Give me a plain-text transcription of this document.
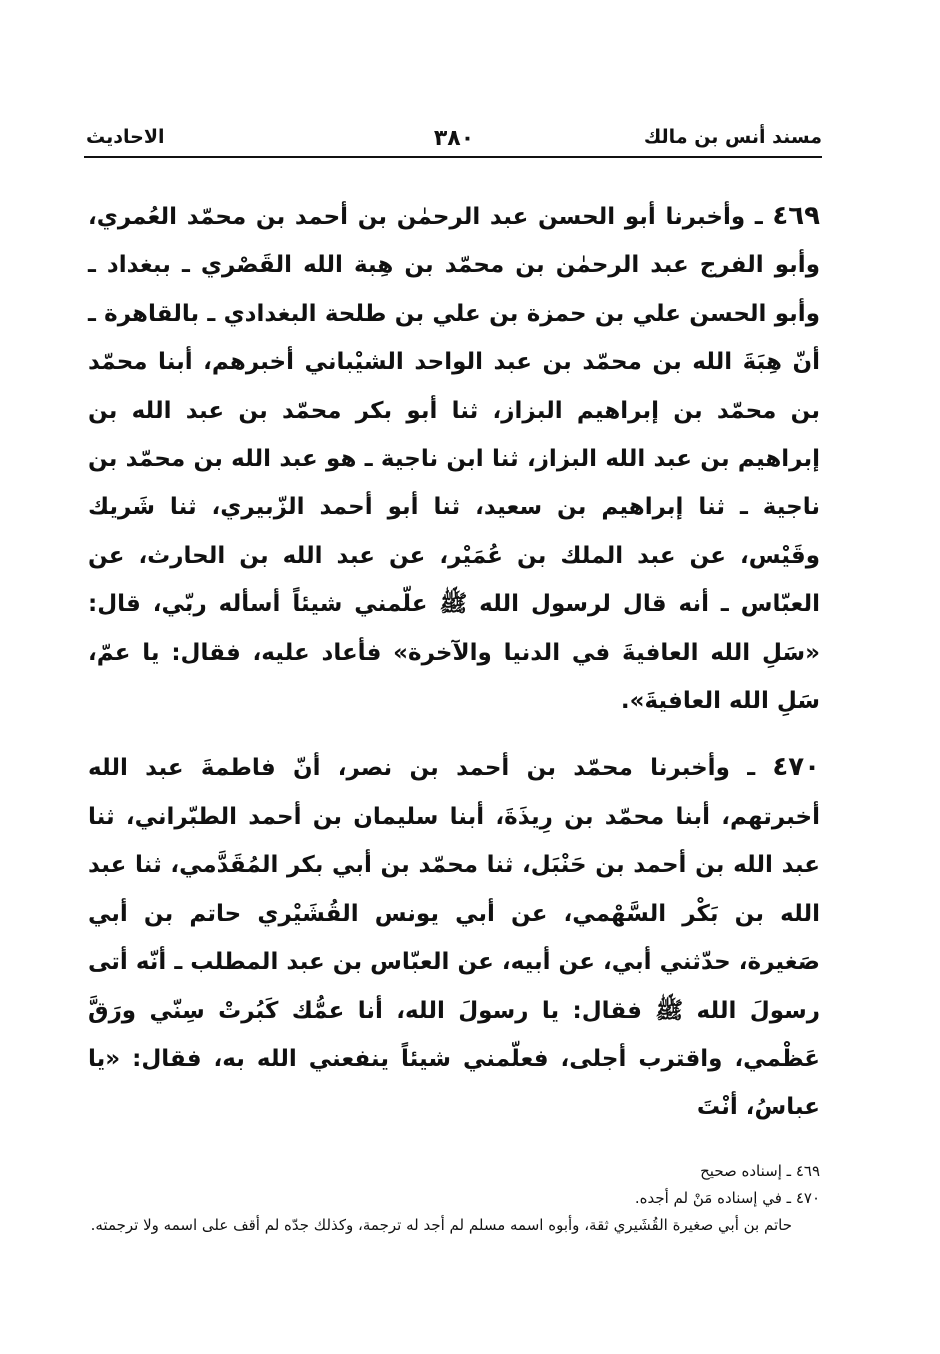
مسند أنس بن مالك
٣٨٠
الاحاديث

٤٦٩ ـ وأخبرنا أبو الحسن عبد الرحمٰن بن أحمد بن محمّد العُمري، وأبو الفرج عبد الرحمٰن بن محمّد بن هِبة الله القَصْري ـ ببغداد ـ وأبو الحسن علي بن حمزة بن علي بن طلحة البغدادي ـ بالقاهرة ـ أنّ هِبَةَ الله بن محمّد بن عبد الواحد الشيْباني أخبرهم، أبنا محمّد بن محمّد بن إبراهيم البزاز، ثنا أبو بكر محمّد بن عبد الله بن إبراهيم بن عبد الله البزاز، ثنا ابن ناجية ـ هو عبد الله بن محمّد بن ناجية ـ ثنا إبراهيم بن سعيد، ثنا أبو أحمد الزّبيري، ثنا شَريك وقَيْس، عن عبد الملك بن عُمَيْر، عن عبد الله بن الحارث، عن العبّاس ـ أنه قال لرسول الله ﷺ علّمني شيئاً أسأله ربّي، قال: «سَلِ الله العافيةَ في الدنيا والآخرة» فأعاد عليه، فقال: يا عمّ، سَلِ الله العافيةَ».

٤٧٠ ـ وأخبرنا محمّد بن أحمد بن نصر، أنّ فاطمةَ عبد الله أخبرتهم، أبنا محمّد بن رِيذَةَ، أبنا سليمان بن أحمد الطبّراني، ثنا عبد الله بن أحمد بن حَنْبَل، ثنا محمّد بن أبي بكر المُقَدَّمي، ثنا عبد الله بن بَكْر السَّهْمي، عن أبي يونس القُشَيْري حاتم بن أبي صَغيرة، حدّثني أبي، عن أبيه، عن العبّاس بن عبد المطلب ـ أنّه أتى رسولَ الله ﷺ فقال: يا رسولَ الله، أنا عمُّك كَبُرتْ سِنّي ورَقَّ عَظْمي، واقترب أجلى، فعلّمني شيئاً ينفعني الله به، فقال: «يا عباسُ، أنْتَ

٤٦٩ ـ إسناده صحيح

٤٧٠ ـ في إسناده مَنْ لم أجده.

حاتم بن أبي صغيرة القُشَيري ثقة، وأبوه اسمه مسلم لم أجد له ترجمة، وكذلك جدّه لم أقف على اسمه ولا ترجمته.
